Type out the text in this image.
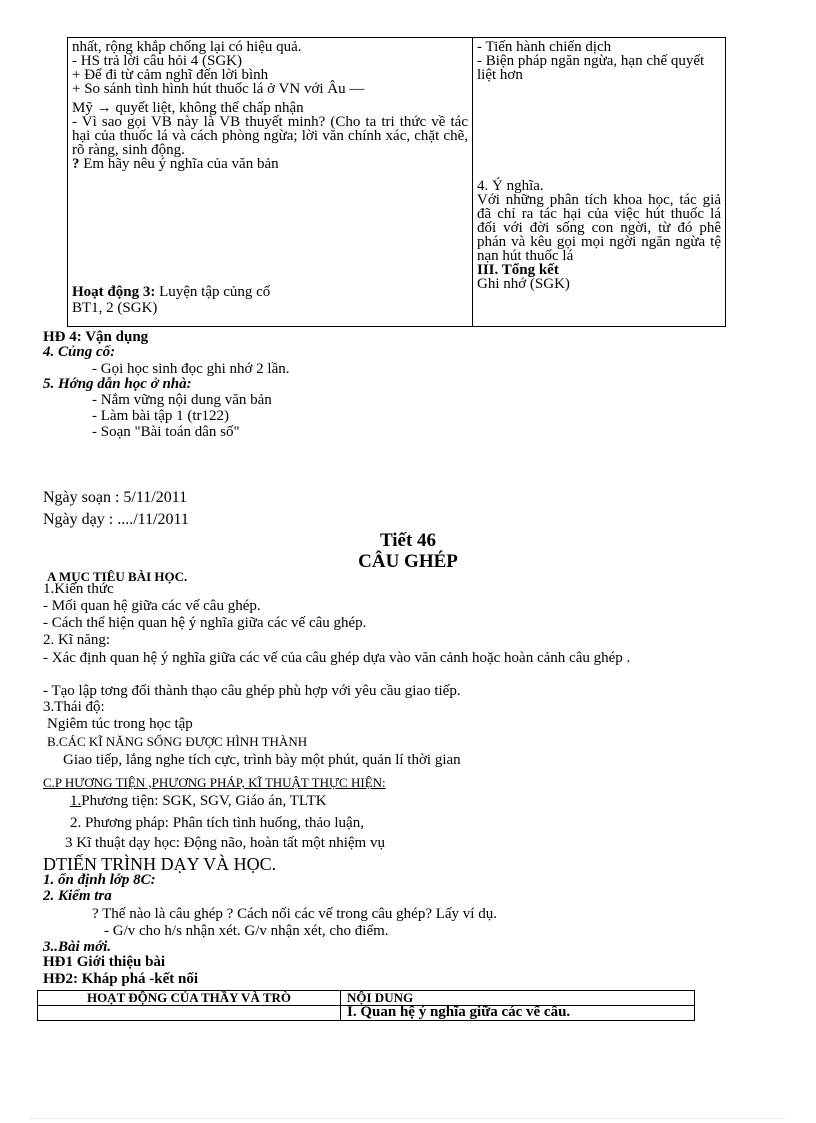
nhất, rộng khắp chống lại có hiệu quả.
- HS trả lời câu hỏi 4 (SGK)
+ Để đi từ cảm nghĩ đến lời bình
+ So sánh tình hình hút thuốc lá ở VN với Âu —
Mỹ → quyết liệt, không thể chấp nhận
- Vì sao gọi VB này là VB thuyết minh? (Cho ta tri thức về tác hại của thuốc lá và cách phòng ngừa; lời văn chính xác, chặt chẽ, rõ ràng, sinh động.
? Em hãy nêu ý nghĩa của văn bản
Hoạt động 3: Luyện tập củng cố
BT1, 2 (SGK)

- Tiến hành chiến dịch
- Biện pháp ngăn ngừa, hạn chế quyết liệt hơn
4. Ý nghĩa.
Với những phân tích khoa học, tác giả đã chỉ ra tác hại của việc hút thuốc lá đối với đời sống con ngời, từ đó phê phán và kêu gọi mọi ngời ngăn ngừa tệ nạn hút thuốc lá
III. Tổng kết
Ghi nhớ (SGK)
HĐ 4: Vận dụng
4. Củng cố:
- Gọi học sinh đọc ghi nhớ 2 lần.
5. Hớng dẫn học ở nhà:
- Nắm vững nội dung văn bản
- Làm bài tập 1 (tr122)
- Soạn "Bài toán dân số"
Ngày soạn : 5/11/2011
Ngày dạy : ..../11/2011
Tiết 46
CÂU GHÉP
A MỤC TIÊU BÀI HỌC.
1.Kiến thức
- Mối quan hệ giữa các vế câu ghép.
- Cách thể hiện quan hệ ý nghĩa giữa các vế câu ghép.
2. Kĩ năng:
- Xác định quan hệ ý nghĩa giữa các vế của câu ghép dựa vào văn cảnh hoặc hoàn cảnh câu ghép .
- Tạo lập tơng đối thành thạo câu ghép phù hợp với yêu cầu giao tiếp.
3.Thái độ:
Ngiêm túc trong học tập
B.CÁC KĨ NĂNG SỐNG ĐƯỢC HÌNH THÀNH
Giao tiếp, lắng nghe tích cực, trình bày một phút, quản lí thời gian
C.P HƯƠNG TIỆN ,PHƯƠNG PHÁP, KĨ THUẬT THỰC HIỆN:
1.Phương tiện: SGK, SGV, Giáo án, TLTK
2. Phương pháp: Phân tích tình huống, thảo luận,
3 Kĩ thuật dạy học: Động não, hoàn tất một nhiệm vụ
DTIẾN TRÌNH DẠY VÀ HỌC.
1. ổn định lớp 8C:
2. Kiểm tra
? Thế nào là câu ghép ? Cách nối các vế trong câu ghép? Lấy ví dụ.
- G/v cho h/s nhận xét. G/v nhận xét, cho điểm.
3..Bài mới.
HĐ1 Giới thiệu bài
HĐ2: Kháp phá -kết nối
HOẠT ĐỘNG CỦA THẦY VÀ TRÒ	NỘI DUNG
	I. Quan hệ ý nghĩa giữa các vế câu.
